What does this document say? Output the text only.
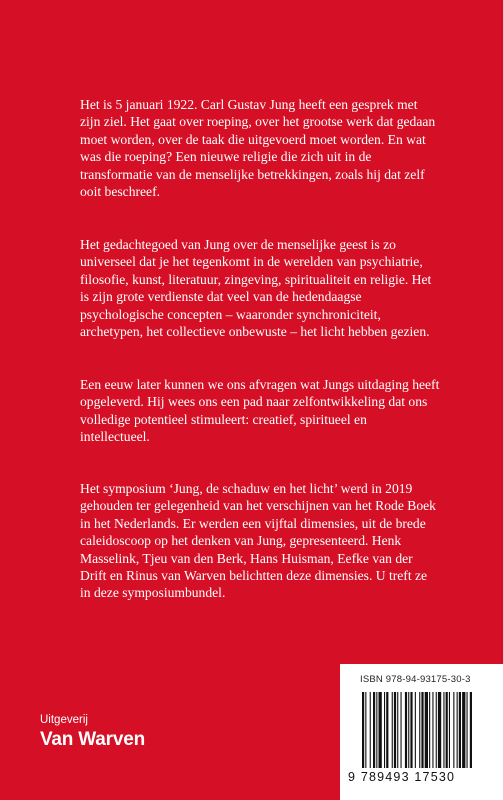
Het is 5 januari 1922. Carl Gustav Jung heeft een gesprek met zijn ziel. Het gaat over roeping, over het grootse werk dat gedaan moet worden, over de taak die uitgevoerd moet worden. En wat was die roeping? Een nieuwe religie die zich uit in de transformatie van de menselijke betrekkingen, zoals hij dat zelf ooit beschreef.

Het gedachtegoed van Jung over de menselijke geest is zo universeel dat je het tegenkomt in de werelden van psychiatrie, filosofie, kunst, literatuur, zingeving, spiritualiteit en religie. Het is zijn grote verdienste dat veel van de hedendaagse psychologische concepten – waaronder synchroniciteit, archetypen, het collectieve onbewuste – het licht hebben gezien.

Een eeuw later kunnen we ons afvragen wat Jungs uitdaging heeft opgeleverd. Hij wees ons een pad naar zelfontwikkeling dat ons volledige potentieel stimuleert: creatief, spiritueel en intellectueel.

Het symposium ‘Jung, de schaduw en het licht’ werd in 2019 gehouden ter gelegenheid van het verschijnen van het Rode Boek in het Nederlands. Er werden een vijftal dimensies, uit de brede caleidoscoop op het denken van Jung, gepresenteerd. Henk Masselink, Tjeu van den Berk, Hans Huisman, Eefke van der Drift en Rinus van Warven belichtten deze dimensies. U treft ze in deze symposiumbundel.

Uitgeverij
Van Warven
ISBN 978-94-93175-30-3
9 789493 17530
